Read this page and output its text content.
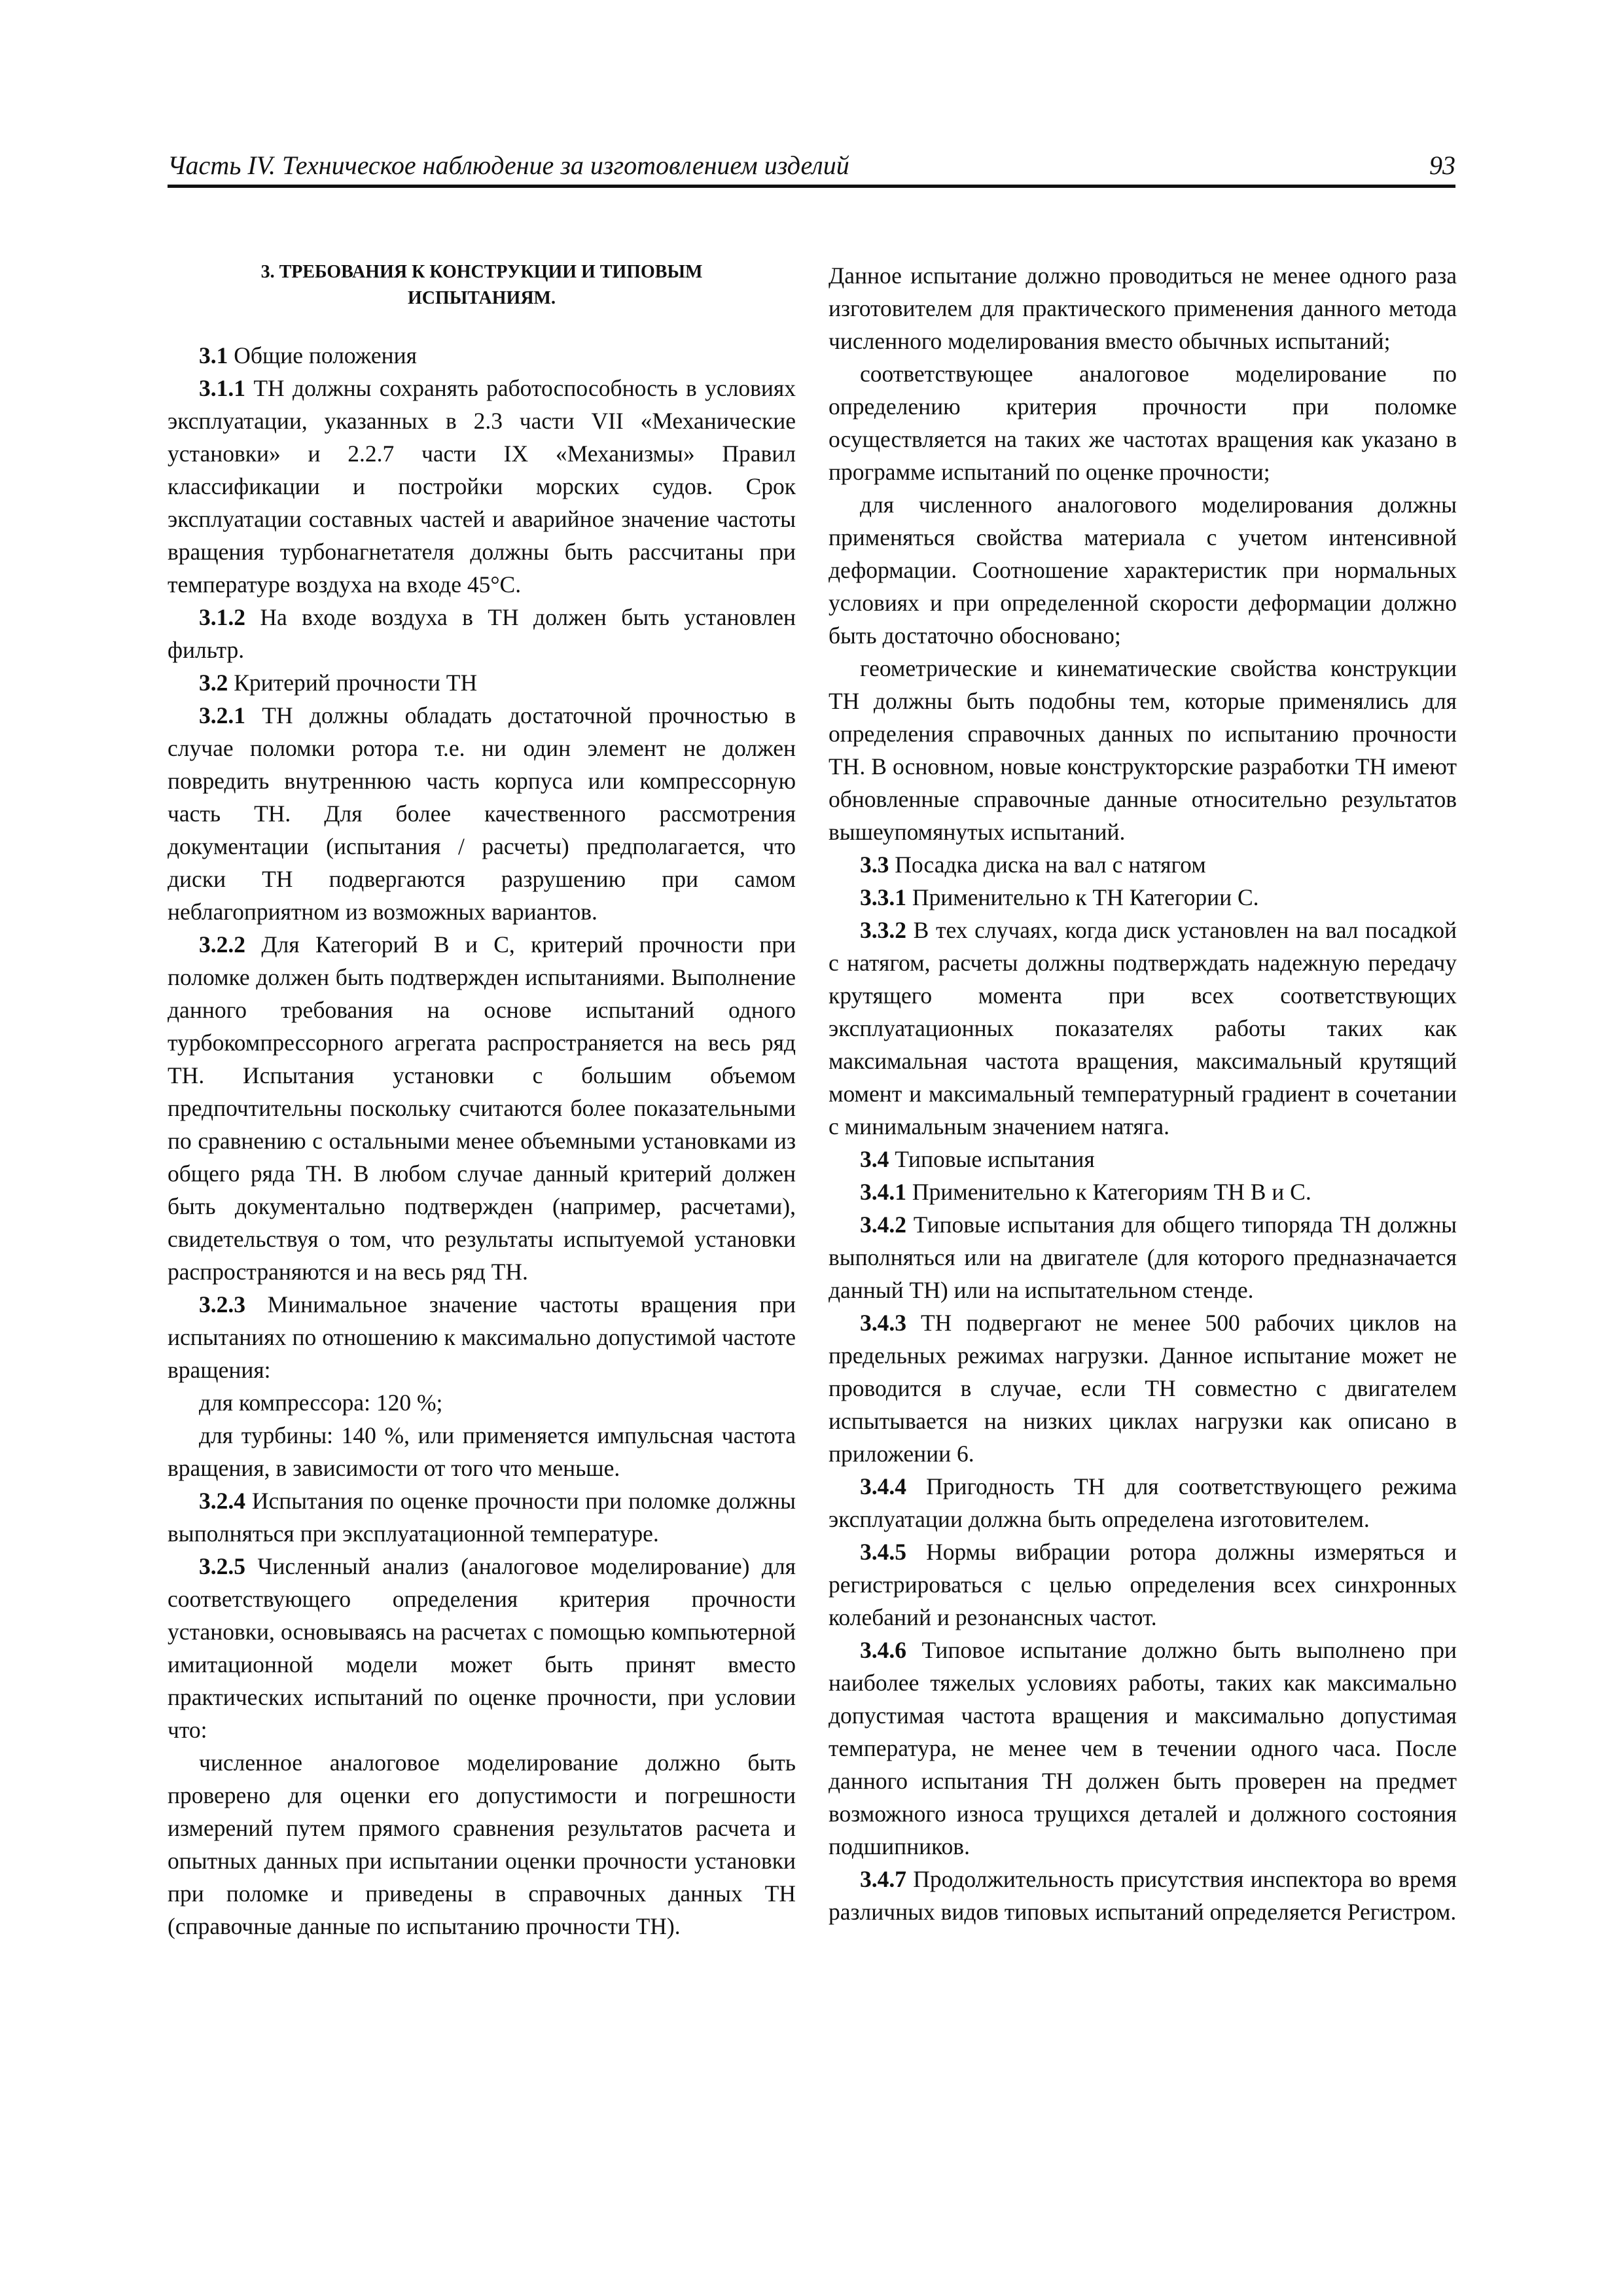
Часть IV. Техническое наблюдение за изготовлением изделий	93
3. ТРЕБОВАНИЯ К КОНСТРУКЦИИ И ТИПОВЫМ
ИСПЫТАНИЯМ.

3.1 Общие положения

3.1.1 ТН должны сохранять работоспособность в условиях эксплуатации, указанных в 2.3 части VII «Механические установки» и 2.2.7 части IX «Механизмы» Правил классификации и постройки морских судов. Срок эксплуатации составных частей и аварийное значение частоты вращения турбонагнетателя должны быть рассчитаны при температуре воздуха на входе 45°С.

3.1.2 На входе воздуха в ТН должен быть установлен фильтр.

3.2 Критерий прочности ТН

3.2.1 ТН должны обладать достаточной прочностью в случае поломки ротора т.е. ни один элемент не должен повредить внутреннюю часть корпуса или компрессорную часть ТН. Для более качественного рассмотрения документации (испытания / расчеты) предполагается, что диски ТН подвергаются разрушению при самом неблагоприятном из возможных вариантов.

3.2.2 Для Категорий В и С, критерий прочности при поломке должен быть подтвержден испытаниями. Выполнение данного требования на основе испытаний одного турбокомпрессорного агрегата распространяется на весь ряд ТН. Испытания установки с большим объемом предпочтительны поскольку считаются более показательными по сравнению с остальными менее объемными установками из общего ряда ТН. В любом случае данный критерий должен быть документально подтвержден (например, расчетами), свидетельствуя о том, что результаты испытуемой установки распространяются и на весь ряд ТН.

3.2.3 Минимальное значение частоты вращения при испытаниях по отношению к максимально допустимой частоте вращения:

для компрессора: 120 %;

для турбины: 140 %, или применяется импульсная частота вращения, в зависимости от того что меньше.

3.2.4 Испытания по оценке прочности при поломке должны выполняться при эксплуатационной температуре.

3.2.5 Численный анализ (аналоговое моделирование) для соответствующего определения критерия прочности установки, основываясь на расчетах с помощью компьютерной имитационной модели может быть принят вместо практических испытаний по оценке прочности, при условии что:

численное аналоговое моделирование должно быть проверено для оценки его допустимости и погрешности измерений путем прямого сравнения результатов расчета и опытных данных при испытании оценки прочности установки при поломке и приведены в справочных данных ТН (справочные данные по испытанию прочности ТН).

Данное испытание должно проводиться не менее одного раза изготовителем для практического применения данного метода численного моделирования вместо обычных испытаний;

соответствующее аналоговое моделирование по определению критерия прочности при поломке осуществляется на таких же частотах вращения как указано в программе испытаний по оценке прочности;

для численного аналогового моделирования должны применяться свойства материала с учетом интенсивной деформации. Соотношение характеристик при нормальных условиях и при определенной скорости деформации должно быть достаточно обосновано;

геометрические и кинематические свойства конструкции ТН должны быть подобны тем, которые применялись для определения справочных данных по испытанию прочности ТН. В основном, новые конструкторские разработки ТН имеют обновленные справочные данные относительно результатов вышеупомянутых испытаний.

3.3 Посадка диска на вал с натягом

3.3.1 Применительно к ТН Категории С.

3.3.2 В тех случаях, когда диск установлен на вал посадкой с натягом, расчеты должны подтверждать надежную передачу крутящего момента при всех соответствующих эксплуатационных показателях работы таких как максимальная частота вращения, максимальный крутящий момент и максимальный температурный градиент в сочетании с минимальным значением натяга.

3.4 Типовые испытания

3.4.1 Применительно к Категориям ТН В и С.

3.4.2 Типовые испытания для общего типоряда ТН должны выполняться или на двигателе (для которого предназначается данный ТН) или на испытательном стенде.

3.4.3 ТН подвергают не менее 500 рабочих циклов на предельных режимах нагрузки. Данное испытание может не проводится в случае, если ТН совместно с двигателем испытывается на низких циклах нагрузки как описано в приложении 6.

3.4.4 Пригодность ТН для соответствующего режима эксплуатации должна быть определена изготовителем.

3.4.5 Нормы вибрации ротора должны измеряться и регистрироваться с целью определения всех синхронных колебаний и резонансных частот.

3.4.6 Типовое испытание должно быть выполнено при наиболее тяжелых условиях работы, таких как максимально допустимая частота вращения и максимально допустимая температура, не менее чем в течении одного часа. После данного испытания ТН должен быть проверен на предмет возможного износа трущихся деталей и должного состояния подшипников.

3.4.7 Продолжительность присутствия инспектора во время различных видов типовых испытаний определяется Регистром.
